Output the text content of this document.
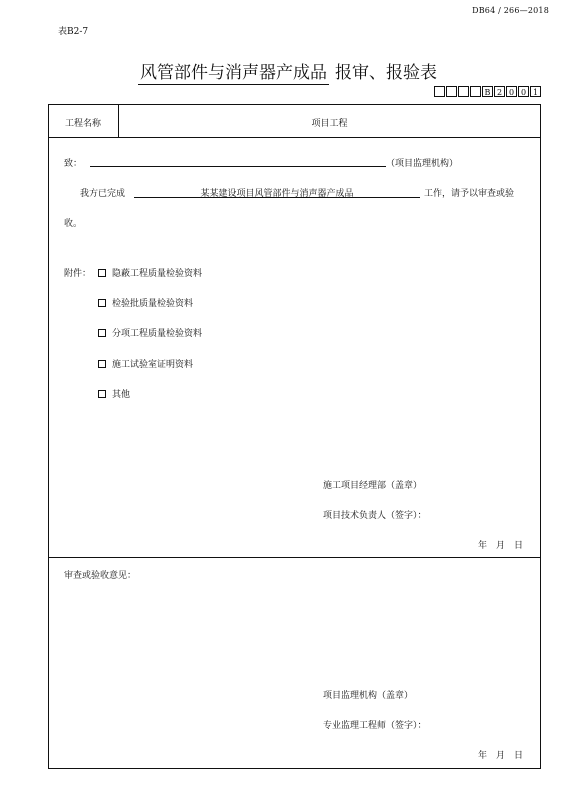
DB64 / 266—2018
表B2-7
风管部件与消声器产成品 报审、报验表
B 2 0 0 1
工程名称	项目工程
致：	（项目监理机构）
我方已完成	某某建设项目风管部件与消声器产成品	工作，请予以审查或验
收。
附件： 隐蔽工程质量检验资料
检验批质量检验资料
分项工程质量检验资料
施工试验室证明资料
其他
施工项目经理部（盖章）
项目技术负责人（签字）：
年　月　日
审查或验收意见：
项目监理机构（盖章）
专业监理工程师（签字）：
年　月　日
